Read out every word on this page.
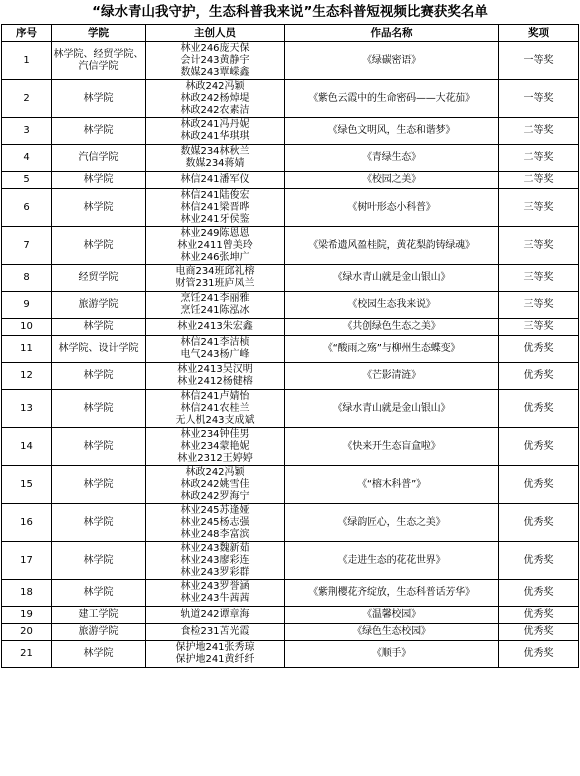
“绿水青山我守护，生态科普我来说”生态科普短视频比赛获奖名单
序号	学院	主创人员	作品名称	奖项
1	林学院、经贸学院、汽信学院	林业246庞天保
会计243黄静宇
数媒243覃嵘鑫	《绿碳密语》	一等奖
2	林学院	林政242冯颖
林政242杨焯堤
林政242农素洁	《紫色云霞中的生命密码——大花茄》	一等奖
3	林学院	林政241冯丹妮
林政241华琪琪	《绿色文明风，生态和谐梦》	二等奖
4	汽信学院	数媒234林秋兰
数媒234蒋婧	《青绿生态》	二等奖
5	林学院	林信241潘军仪	《校园之美》	二等奖
6	林学院	林信241陆俊宏
林信241梁晋晔
林业241牙侯鉴	《树叶形态小科普》	三等奖
7	林学院	林业249陈恩恩
林业2411曾美玲
林业246张坤广	《梁希遗风盈桂院，黄花梨韵铸绿魂》	三等奖
8	经贸学院	电商234班邱礼榕
财管231班庐凤兰	《绿水青山就是金山银山》	三等奖
9	旅游学院	烹饪241李丽雅
烹饪241陈泓冰	《校园生态我来说》	三等奖
10	林学院	林业2413朱宏鑫	《共创绿色生态之美》	三等奖
11	林学院、设计学院	林信241李洁桢
电气243杨广峰	《“酸雨之殇”与柳州生态蝶变》	优秀奖
12	林学院	林业2413吴汉明
林业2412杨健榕	《芒影清涟》	优秀奖
13	林学院	林信241卢婧怡
林信241农桂兰
无人机243支成斌	《绿水青山就是金山银山》	优秀奖
14	林学院	林业234钟佳男
林业234蒙艳妮
林业2312王婷婷	《快来开生态盲盒啦》	优秀奖
15	林学院	林政242冯颖
林政242姚雪佳
林政242罗海宁	《“榕木科普”》	优秀奖
16	林学院	林业245苏逢娅
林业245杨志强
林业248李富滨	《绿韵匠心，生态之美》	优秀奖
17	林学院	林业243魏新茹
林业243廖彩连
林业243罗彩群	《走进生态的花花世界》	优秀奖
18	林学院	林业243罗誉涵
林业243牛茜茜	《紫荆樱花齐绽放，生态科普话芳华》	优秀奖
19	建工学院	轨道242谭章海	《温馨校园》	优秀奖
20	旅游学院	食检231苫光霞	《绿色生态校园》	优秀奖
21	林学院	保护地241张秀琼
保护地241黄纤纤	《顺手》	优秀奖
